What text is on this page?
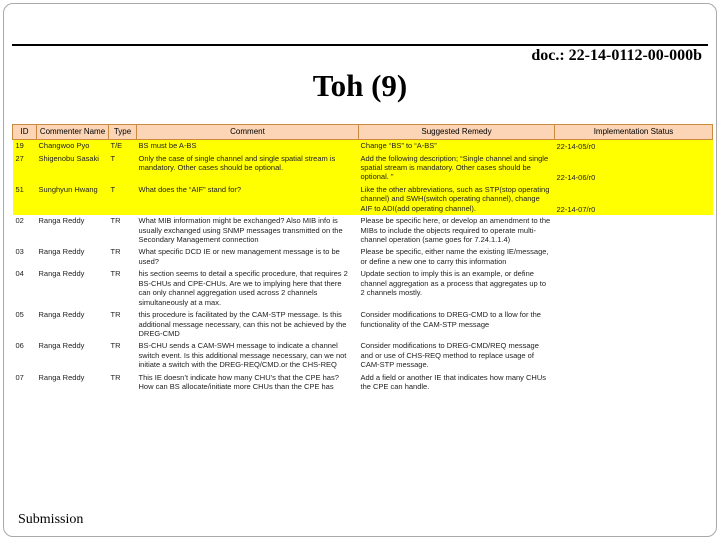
doc.: 22-14-0112-00-000b
Toh (9)
ID	Commenter Name	Type	Comment	Suggested Remedy	Implementation Status
19	Changwoo Pyo	T/E	BS must be A-BS	Change “BS” to “A-BS”	22-14-05/r0
27	Shigenobu Sasaki	T	Only the case of single channel and single spatial stream is mandatory. Other cases should be optional.	Add the following description; “Single channel and single spatial stream is mandatory. Other cases should be optional. ”	22-14-06/r0
51	Sunghyun Hwang	T	What does the “AIF” stand for?	Like the other abbreviations, such as STP(stop operating channel) and SWH(switch operating channel), change AIF to ADI(add operating channel).	22-14-07/r0
02	Ranga Reddy	TR	What MIB information might be exchanged? Also MIB info is usually exchanged using SNMP messages transmitted on the Secondary Management connection	Please be specific here, or develop an amendment to the MIBs to include the objects required to operate multi-channel operation (same goes for 7.24.1.1.4)	
03	Ranga Reddy	TR	What specific DCD IE or new management message is to be used?	Please be specific, either name the existing IE/message, or define a new one to carry this information	
04	Ranga Reddy	TR	his section seems to detail a specific procedure, that requires 2 BS-CHUs and CPE-CHUs. Are we to implying here that there can only channel aggregation used across 2 channels simultaneously at a max.	Update section to imply this is an example, or define channel aggregation as a process that aggregates up to 2 channels mostly.	
05	Ranga Reddy	TR	this procedure is facilitated by the CAM-STP message. Is this additional message necessary, can this not be achieved by the DREG-CMD	Consider modifications to DREG-CMD to a llow for the functionality of the CAM-STP message	
06	Ranga Reddy	TR	BS-CHU sends a CAM-SWH message to indicate a channel switch event. Is this additional message necessary, can we not initiate a switch with the DREG-REQ/CMD.or the CHS-REQ	Consider modifications to DREG-CMD/REQ message and or use of CHS-REQ method to replace usage of CAM-STP message.	
07	Ranga Reddy	TR	This IE doesn’t indicate how many CHU’s that the CPE has? How can BS allocate/initiate more CHUs than the CPE has	Add a field or another IE that indicates how many CHUs the CPE can handle.	
Submission
